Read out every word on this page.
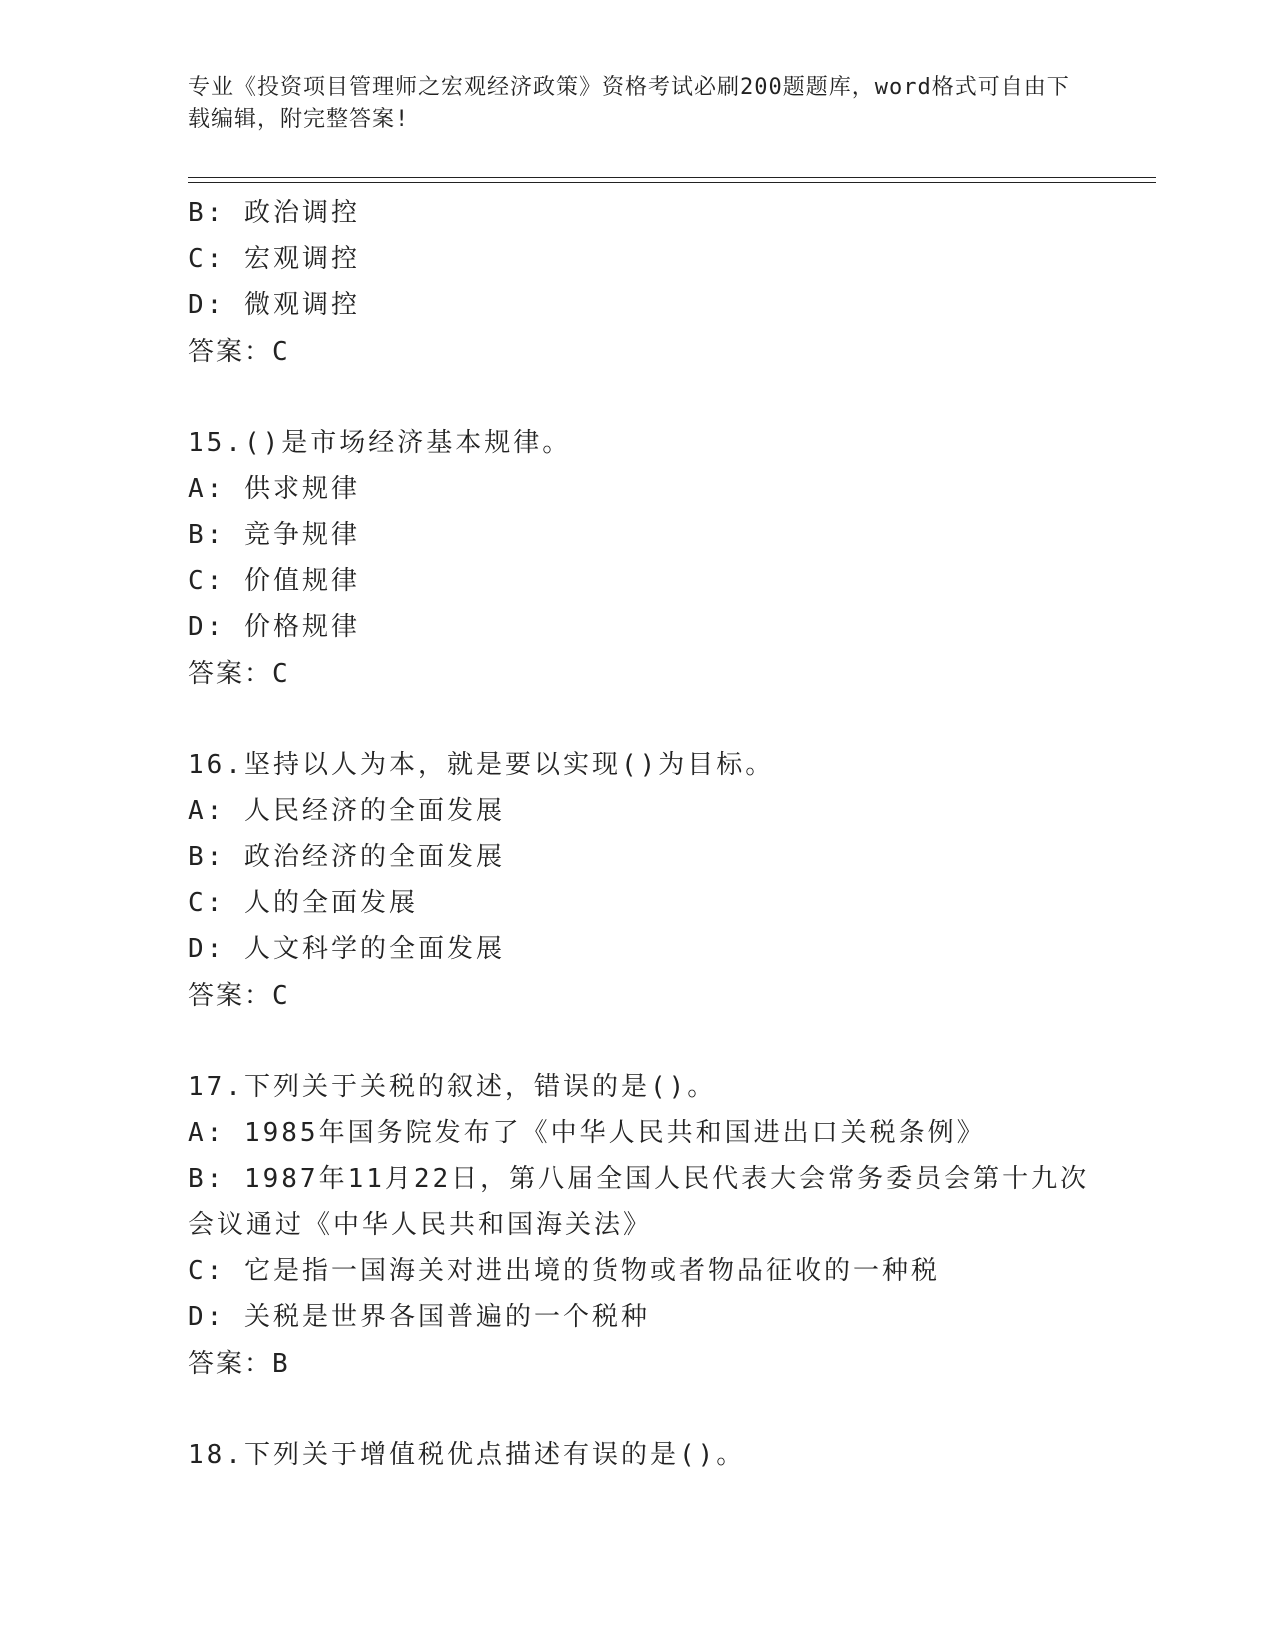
专业《投资项目管理师之宏观经济政策》资格考试必刷200题题库，word格式可自由下载编辑，附完整答案!
B: 政治调控
C: 宏观调控
D: 微观调控
答案：C
15.()是市场经济基本规律。
A: 供求规律
B: 竞争规律
C: 价值规律
D: 价格规律
答案：C
16.坚持以人为本，就是要以实现()为目标。
A: 人民经济的全面发展
B: 政治经济的全面发展
C: 人的全面发展
D: 人文科学的全面发展
答案：C
17.下列关于关税的叙述，错误的是()。
A: 1985年国务院发布了《中华人民共和国进出口关税条例》
B: 1987年11月22日，第八届全国人民代表大会常务委员会第十九次会议通过《中华人民共和国海关法》
C: 它是指一国海关对进出境的货物或者物品征收的一种税
D: 关税是世界各国普遍的一个税种
答案：B
18.下列关于增值税优点描述有误的是()。
